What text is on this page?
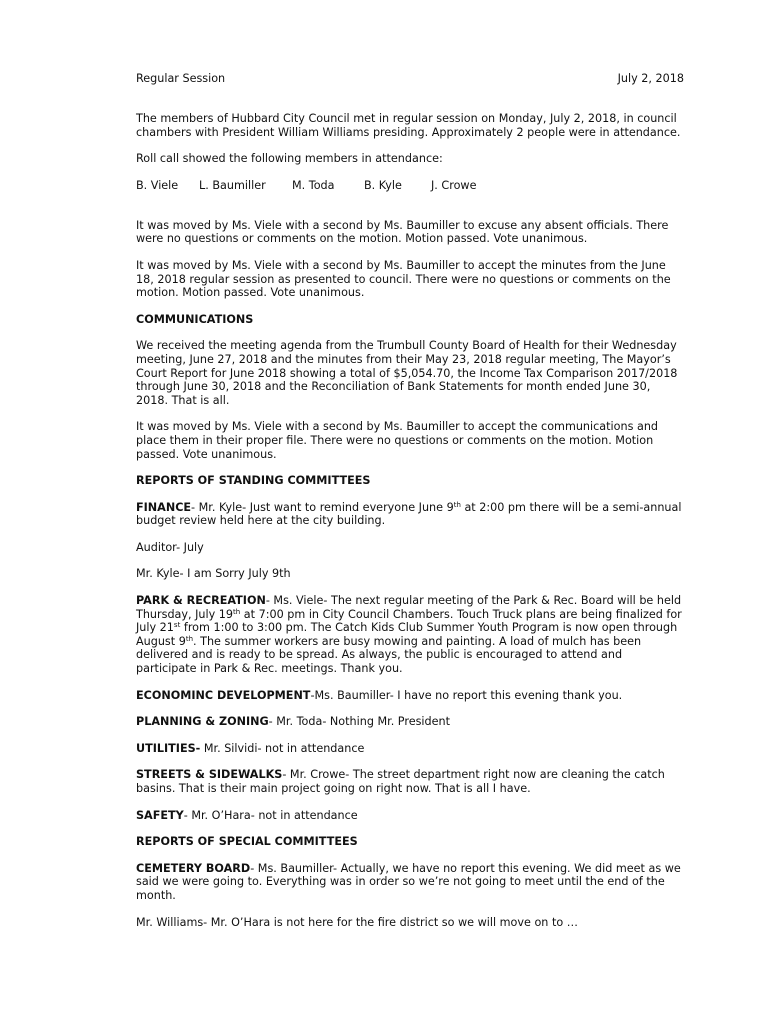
Regular Session	July 2, 2018

The members of Hubbard City Council met in regular session on Monday, July 2, 2018, in council chambers with President William Williams presiding. Approximately 2 people were in attendance.

Roll call showed the following members in attendance:

B. Viele	L. Baumiller	M. Toda	B. Kyle	J. Crowe

It was moved by Ms. Viele with a second by Ms. Baumiller to excuse any absent officials. There were no questions or comments on the motion. Motion passed. Vote unanimous.

It was moved by Ms. Viele with a second by Ms. Baumiller to accept the minutes from the June 18, 2018 regular session as presented to council. There were no questions or comments on the motion. Motion passed. Vote unanimous.

COMMUNICATIONS

We received the meeting agenda from the Trumbull County Board of Health for their Wednesday meeting, June 27, 2018 and the minutes from their May 23, 2018 regular meeting, The Mayor’s Court Report for June 2018 showing a total of $5,054.70, the Income Tax Comparison 2017/2018 through June 30, 2018 and the Reconciliation of Bank Statements for month ended June 30, 2018. That is all.

It was moved by Ms. Viele with a second by Ms. Baumiller to accept the communications and place them in their proper file. There were no questions or comments on the motion. Motion passed. Vote unanimous.

REPORTS OF STANDING COMMITTEES

FINANCE- Mr. Kyle- Just want to remind everyone June 9th at 2:00 pm there will be a semi-annual budget review held here at the city building.

Auditor- July

Mr. Kyle- I am Sorry July 9th

PARK & RECREATION- Ms. Viele- The next regular meeting of the Park & Rec. Board will be held Thursday, July 19th at 7:00 pm in City Council Chambers. Touch Truck plans are being finalized for July 21st from 1:00 to 3:00 pm. The Catch Kids Club Summer Youth Program is now open through August 9th. The summer workers are busy mowing and painting. A load of mulch has been delivered and is ready to be spread. As always, the public is encouraged to attend and participate in Park & Rec. meetings. Thank you.

ECONOMINC DEVELOPMENT-Ms. Baumiller- I have no report this evening thank you.

PLANNING & ZONING- Mr. Toda- Nothing Mr. President

UTILITIES- Mr. Silvidi- not in attendance

STREETS & SIDEWALKS- Mr. Crowe- The street department right now are cleaning the catch basins. That is their main project going on right now. That is all I have.

SAFETY- Mr. O’Hara- not in attendance

REPORTS OF SPECIAL COMMITTEES

CEMETERY BOARD- Ms. Baumiller- Actually, we have no report this evening. We did meet as we said we were going to. Everything was in order so we’re not going to meet until the end of the month.

Mr. Williams- Mr. O’Hara is not here for the fire district so we will move on to …
